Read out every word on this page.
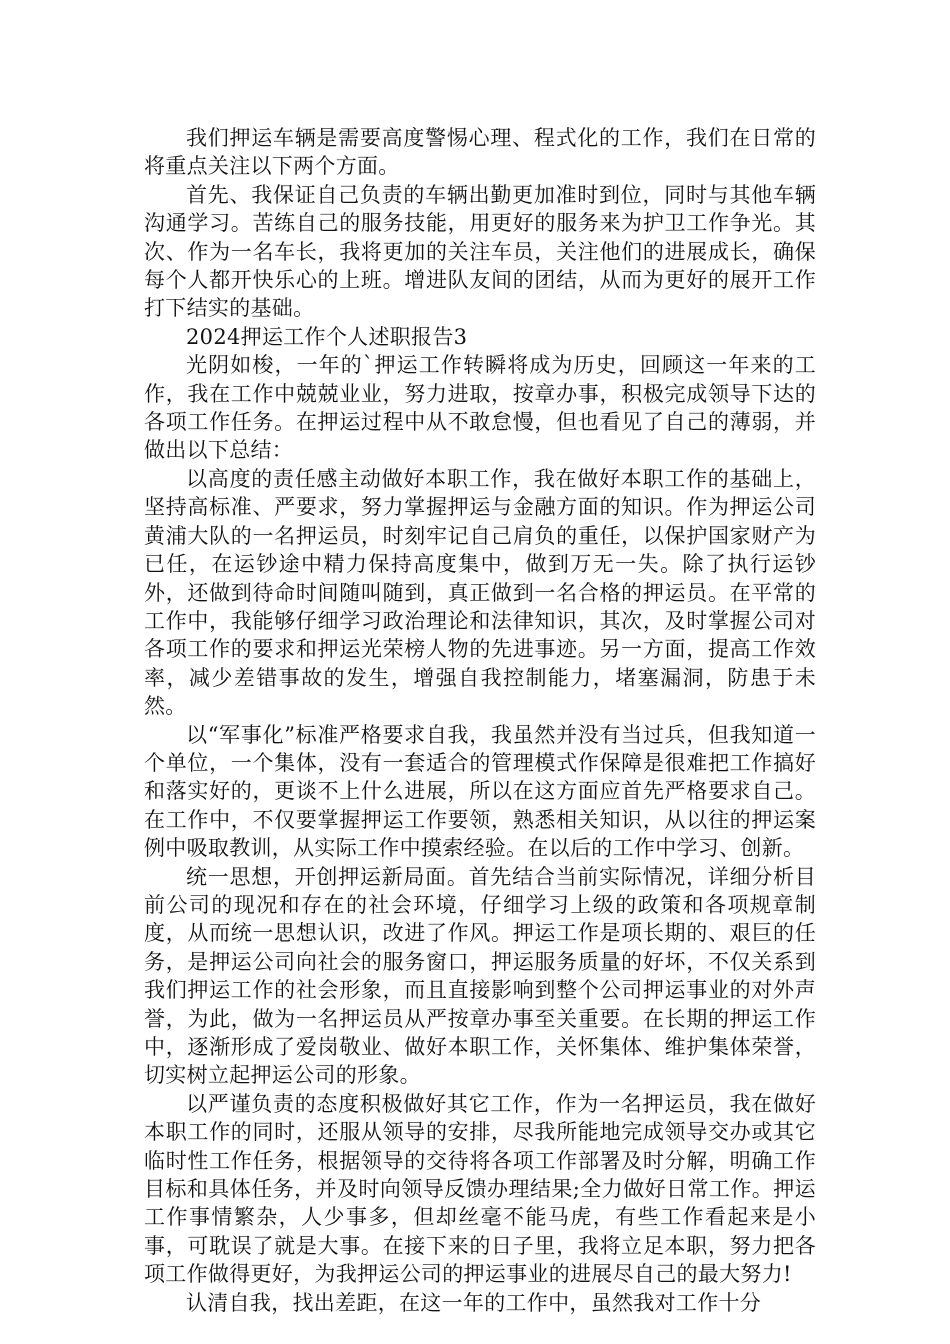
我们押运车辆是需要高度警惕心理、程式化的工作，我们在日常的将重点关注以下两个方面。

首先、我保证自己负责的车辆出勤更加准时到位，同时与其他车辆沟通学习。苦练自己的服务技能，用更好的服务来为护卫工作争光。其次、作为一名车长，我将更加的关注车员，关注他们的进展成长，确保每个人都开快乐心的上班。增进队友间的团结，从而为更好的展开工作打下结实的基础。

2024押运工作个人述职报告3

光阴如梭，一年的`押运工作转瞬将成为历史，回顾这一年来的工作，我在工作中兢兢业业，努力进取，按章办事，积极完成领导下达的各项工作任务。在押运过程中从不敢怠慢，但也看见了自己的薄弱，并做出以下总结：

以高度的责任感主动做好本职工作，我在做好本职工作的基础上，坚持高标准、严要求，努力掌握押运与金融方面的知识。作为押运公司黄浦大队的一名押运员，时刻牢记自己肩负的重任，以保护国家财产为已任，在运钞途中精力保持高度集中，做到万无一失。除了执行运钞外，还做到待命时间随叫随到，真正做到一名合格的押运员。在平常的工作中，我能够仔细学习政治理论和法律知识，其次，及时掌握公司对各项工作的要求和押运光荣榜人物的先进事迹。另一方面，提高工作效率，减少差错事故的发生，增强自我控制能力，堵塞漏洞，防患于未然。

以“军事化”标准严格要求自我，我虽然并没有当过兵，但我知道一个单位，一个集体，没有一套适合的管理模式作保障是很难把工作搞好和落实好的，更谈不上什么进展，所以在这方面应首先严格要求自己。在工作中，不仅要掌握押运工作要领，熟悉相关知识，从以往的押运案例中吸取教训，从实际工作中摸索经验。在以后的工作中学习、创新。

统一思想，开创押运新局面。首先结合当前实际情况，详细分析目前公司的现况和存在的社会环境，仔细学习上级的政策和各项规章制度，从而统一思想认识，改进了作风。押运工作是项长期的、艰巨的任务，是押运公司向社会的服务窗口，押运服务质量的好坏，不仅关系到我们押运工作的社会形象，而且直接影响到整个公司押运事业的对外声誉，为此，做为一名押运员从严按章办事至关重要。在长期的押运工作中，逐渐形成了爱岗敬业、做好本职工作，关怀集体、维护集体荣誉，切实树立起押运公司的形象。

以严谨负责的态度积极做好其它工作，作为一名押运员，我在做好本职工作的同时，还服从领导的安排，尽我所能地完成领导交办或其它临时性工作任务，根据领导的交待将各项工作部署及时分解，明确工作目标和具体任务，并及时向领导反馈办理结果;全力做好日常工作。押运工作事情繁杂，人少事多，但却丝毫不能马虎，有些工作看起来是小事，可耽误了就是大事。在接下来的日子里，我将立足本职，努力把各项工作做得更好，为我押运公司的押运事业的进展尽自己的最大努力!

认清自我，找出差距，在这一年的工作中，虽然我对工作十分
